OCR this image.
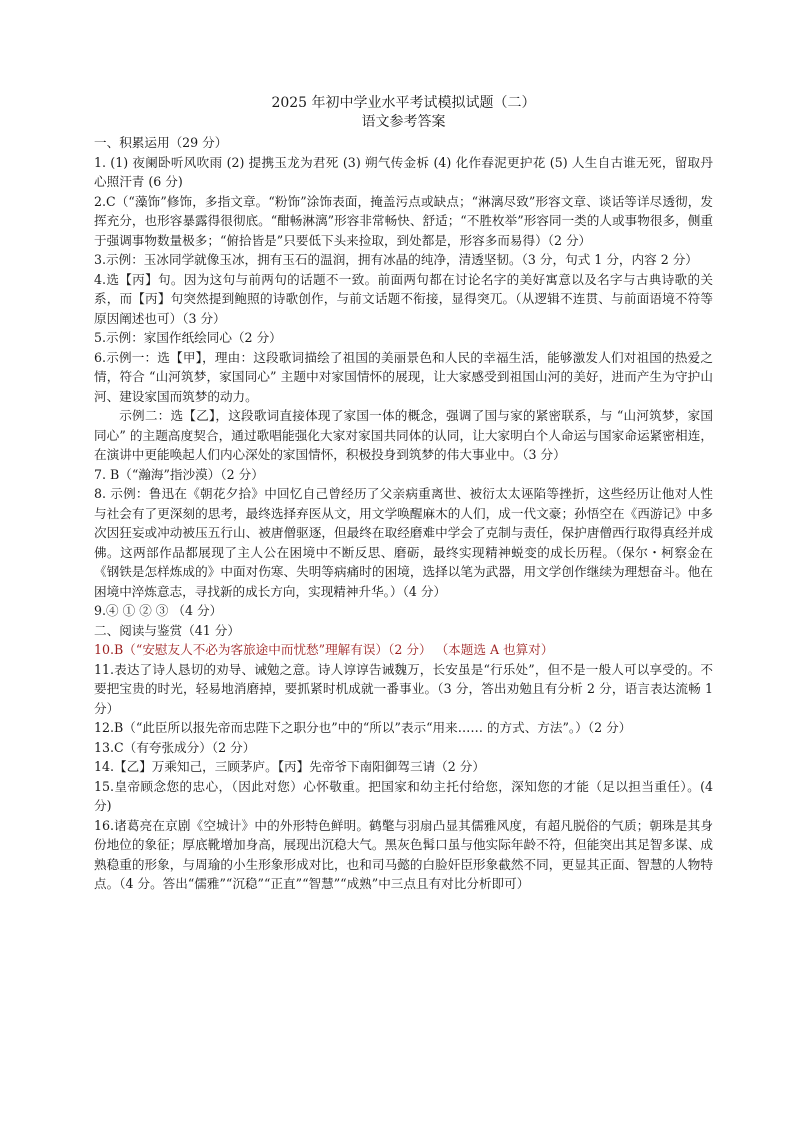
2025 年初中学业水平考试模拟试题（二）
语文参考答案
一、积累运用（29 分）
1. (1) 夜阑卧听风吹雨 (2) 提携玉龙为君死 (3) 朔气传金柝 (4) 化作春泥更护花 (5) 人生自古谁无死，留取丹心照汗青 (6 分)
2.C（“藻饰”修饰，多指文章。“粉饰”涂饰表面，掩盖污点或缺点；“淋漓尽致”形容文章、谈话等详尽透彻，发挥充分，也形容暴露得很彻底。“酣畅淋漓”形容非常畅快、舒适；“不胜枚举”形容同一类的人或事物很多，侧重于强调事物数量极多；“俯拾皆是”只要低下头来捡取，到处都是，形容多而易得）（2 分）
3.示例：玉冰同学就像玉冰，拥有玉石的温润，拥有冰晶的纯净，清透坚韧。（3 分，句式 1 分，内容 2 分）
4.选【丙】句。因为这句与前两句的话题不一致。前面两句都在讨论名字的美好寓意以及名字与古典诗歌的关系，而【丙】句突然提到鲍照的诗歌创作，与前文话题不衔接，显得突兀。（从逻辑不连贯、与前面语境不符等原因阐述也可）（3 分）
5.示例：家国作纸绘同心（2 分）
6.示例一：选【甲】，理由：这段歌词描绘了祖国的美丽景色和人民的幸福生活，能够激发人们对祖国的热爱之情，符合 “山河筑梦，家国同心” 主题中对家国情怀的展现，让大家感受到祖国山河的美好，进而产生为守护山河、建设家国而筑梦的动力。
示例二：选【乙】，这段歌词直接体现了家国一体的概念，强调了国与家的紧密联系，与 “山河筑梦，家国同心” 的主题高度契合，通过歌唱能强化大家对家国共同体的认同，让大家明白个人命运与国家命运紧密相连，在演讲中更能唤起人们内心深处的家国情怀，积极投身到筑梦的伟大事业中。（3 分）
7. B（“瀚海”指沙漠）（2 分）
8. 示例：鲁迅在《朝花夕拾》中回忆自己曾经历了父亲病重离世、被衍太太诬陷等挫折，这些经历让他对人性与社会有了更深刻的思考，最终选择弃医从文，用文学唤醒麻木的人们，成一代文豪；孙悟空在《西游记》中多次因狂妄或冲动被压五行山、被唐僧驱逐，但最终在取经磨难中学会了克制与责任，保护唐僧西行取得真经并成佛。这两部作品都展现了主人公在困境中不断反思、磨砺，最终实现精神蜕变的成长历程。（保尔・柯察金在《钢铁是怎样炼成的》中面对伤寒、失明等病痛时的困境，选择以笔为武器，用文学创作继续为理想奋斗。他在困境中淬炼意志，寻找新的成长方向，实现精神升华。）（4 分）
9.④ ① ② ③ （4 分）
二、阅读与鉴赏（41 分）
10.B（“安慰友人不必为客旅途中而忧愁”理解有误）（2 分） （本题选 A 也算对）
11.表达了诗人恳切的劝导、诫勉之意。诗人谆谆告诫魏万，长安虽是“行乐处”，但不是一般人可以享受的。不要把宝贵的时光，轻易地消磨掉，要抓紧时机成就一番事业。（3 分，答出劝勉且有分析 2 分，语言表达流畅 1 分）
12.B（“此臣所以报先帝而忠陛下之职分也”中的“所以”表示“用来…… 的方式、方法”。）（2 分）
13.C（有夸张成分）（2 分）
14.【乙】万乘知己，三顾茅庐。【丙】先帝爷下南阳御驾三请（2 分）
15.皇帝顾念您的忠心，（因此对您）心怀敬重。把国家和幼主托付给您，深知您的才能（足以担当重任）。(4 分)
16.诸葛亮在京剧《空城计》中的外形特色鲜明。鹤氅与羽扇凸显其儒雅风度，有超凡脱俗的气质；朝珠是其身份地位的象征；厚底靴增加身高，展现出沉稳大气。黑灰色髯口虽与他实际年龄不符，但能突出其足智多谋、成熟稳重的形象，与周瑜的小生形象形成对比，也和司马懿的白脸奸臣形象截然不同，更显其正面、智慧的人物特点。（4 分。答出“儒雅”“沉稳”“正直”“智慧”“成熟”中三点且有对比分析即可）
